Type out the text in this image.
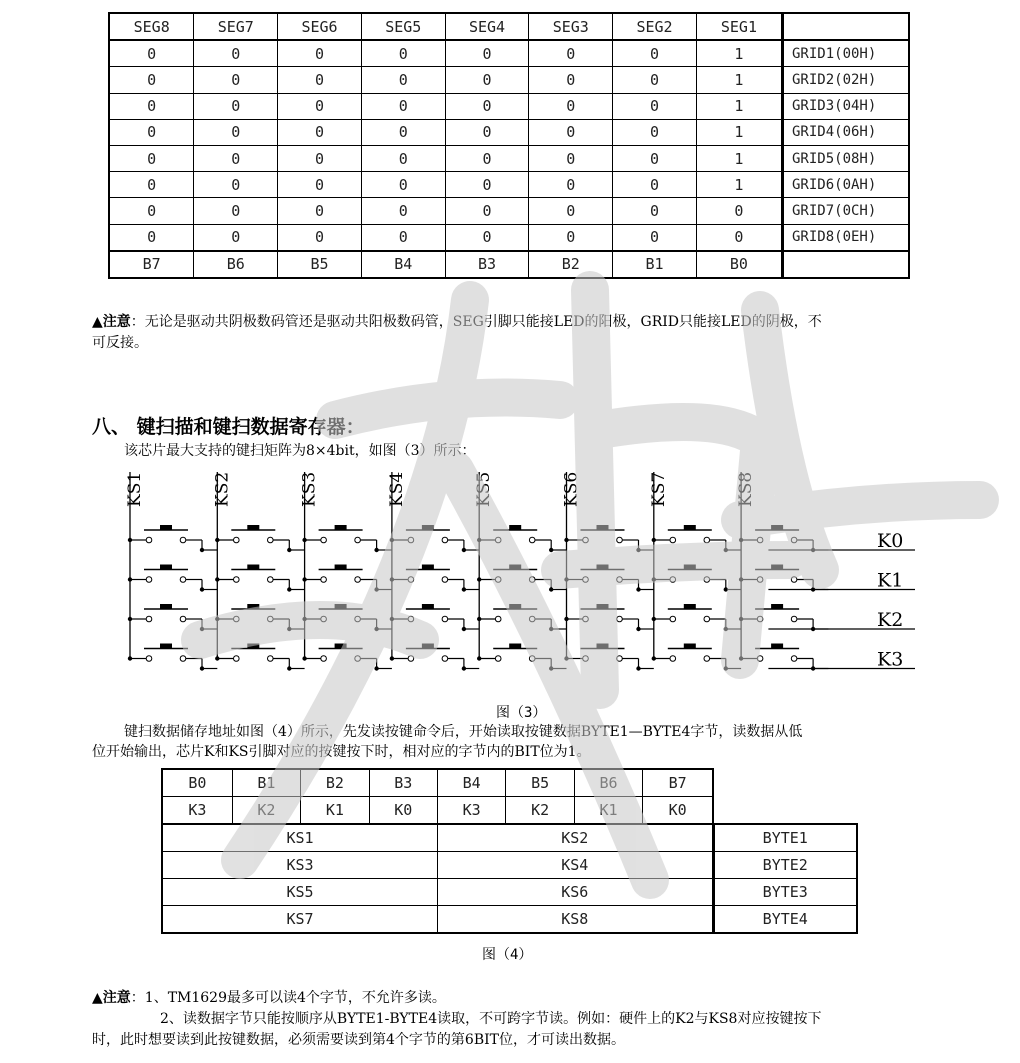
SEG8	SEG7	SEG6	SEG5	SEG4	SEG3	SEG2	SEG1	
0	0	0	0	0	0	0	1	GRID1(00H)
0	0	0	0	0	0	0	1	GRID2(02H)
0	0	0	0	0	0	0	1	GRID3(04H)
0	0	0	0	0	0	0	1	GRID4(06H)
0	0	0	0	0	0	0	1	GRID5(08H)
0	0	0	0	0	0	0	1	GRID6(0AH)
0	0	0	0	0	0	0	0	GRID7(0CH)
0	0	0	0	0	0	0	0	GRID8(0EH)
B7	B6	B5	B4	B3	B2	B1	B0	
▲注意：无论是驱动共阴极数码管还是驱动共阳极数码管，SEG引脚只能接LED的阳极，GRID只能接LED的阴极，不
可反接。
八、 键扫描和键扫数据寄存器：
该芯片最大支持的键扫矩阵为8×4bit，如图（3）所示：
KS1	KS2	KS3	KS4	KS5	KS6	KS7	KS8
K0
K1
K2
K3
图（3）
键扫数据储存地址如图（4）所示，先发读按键命令后，开始读取按键数据BYTE1—BYTE4字节，读数据从低
位开始输出，芯片K和KS引脚对应的按键按下时，相对应的字节内的BIT位为1。
B0	B1	B2	B3	B4	B5	B6	B7	
K3	K2	K1	K0	K3	K2	K1	K0	
KS1				KS2				BYTE1
KS3				KS4				BYTE2
KS5				KS6				BYTE3
KS7				KS8				BYTE4
图（4）
▲注意：1、TM1629最多可以读4个字节，不允许多读。
2、读数据字节只能按顺序从BYTE1-BYTE4读取，不可跨字节读。例如：硬件上的K2与KS8对应按键按下
时，此时想要读到此按键数据，必须需要读到第4个字节的第6BIT位，才可读出数据。
